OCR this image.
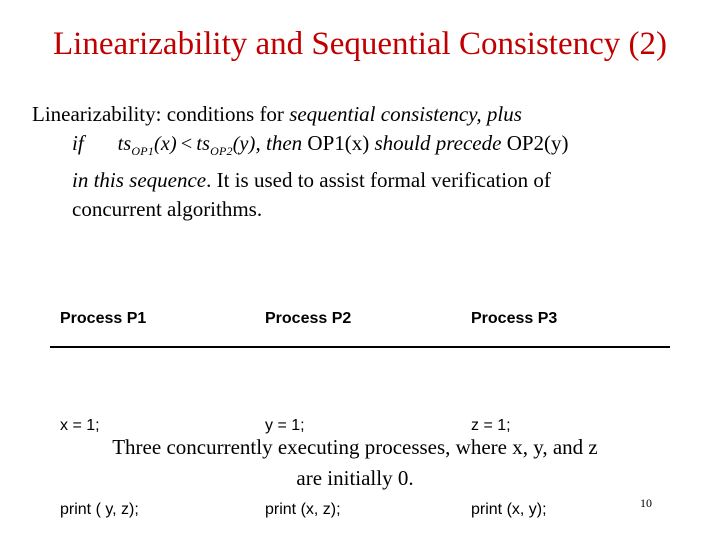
Linearizability and Sequential Consistency (2)
Linearizability: conditions for sequential consistency, plus
if $ts_{OP1}(x) < ts_{OP2}(y)$, then OP1(x) should precede OP2(y)
in this sequence. It is used to assist formal verification of
concurrent algorithms.
Process P1	Process P2	Process P3

x = 1;

print ( y, z);

y = 1;

print (x, z);

z = 1;

print (x, y);

Three concurrently executing processes, where x, y, and z
are initially 0.
10
